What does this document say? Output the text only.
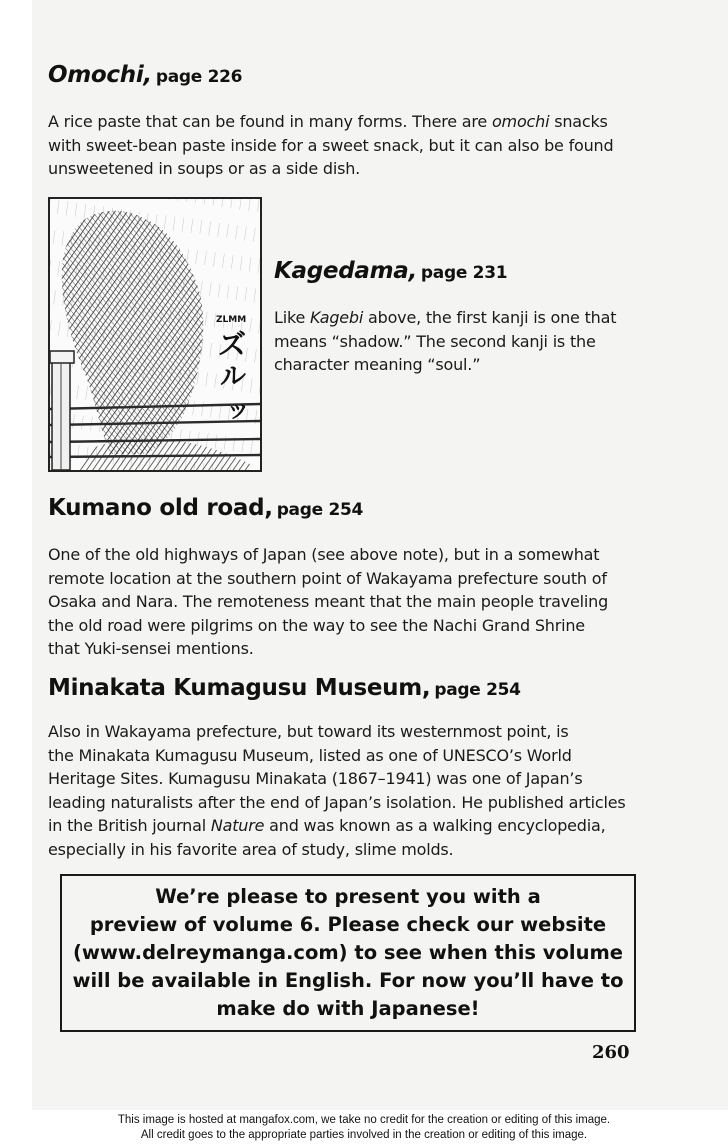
Omochi, page 226

A rice paste that can be found in many forms. There are omochi snacks
with sweet-bean paste inside for a sweet snack, but it can also be found
unsweetened in soups or as a side dish.

ZLMM
ズ
ル
ッ
Kagedama, page 231

Like Kagebi above, the first kanji is one that
means “shadow.” The second kanji is the
character meaning “soul.”

Kumano old road, page 254

One of the old highways of Japan (see above note), but in a somewhat
remote location at the southern point of Wakayama prefecture south of
Osaka and Nara. The remoteness meant that the main people traveling
the old road were pilgrims on the way to see the Nachi Grand Shrine
that Yuki-sensei mentions.

Minakata Kumagusu Museum, page 254

Also in Wakayama prefecture, but toward its westernmost point, is
the Minakata Kumagusu Museum, listed as one of UNESCO’s World
Heritage Sites. Kumagusu Minakata (1867–1941) was one of Japan’s
leading naturalists after the end of Japan’s isolation. He published articles
in the British journal Nature and was known as a walking encyclopedia,
especially in his favorite area of study, slime molds.

We’re please to present you with a
preview of volume 6. Please check our website
(www.delreymanga.com) to see when this volume
will be available in English. For now you’ll have to
make do with Japanese!
260
This image is hosted at mangafox.com, we take no credit for the creation or editing of this image.
All credit goes to the appropriate parties involved in the creation or editing of this image.
